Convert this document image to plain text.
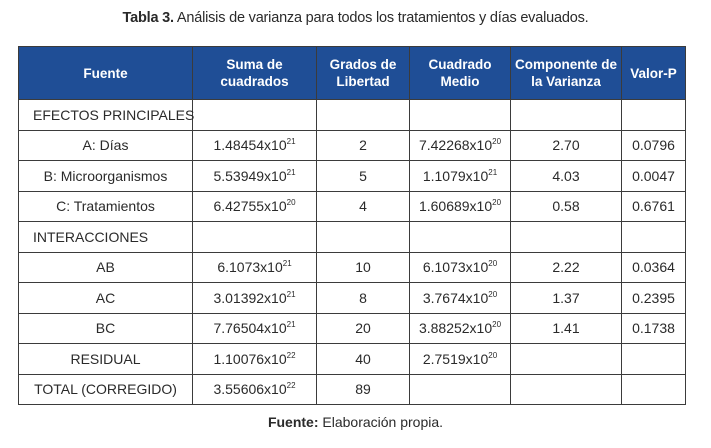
Tabla 3. Análisis de varianza para todos los tratamientos y días evaluados.
Fuente	Suma de cuadrados	Grados de Libertad	Cuadrado Medio	Componente de la Varianza	Valor-P
EFECTOS PRINCIPALES					
A: Días	$1.48454x10^{21}$	2	$7.42268x10^{20}$	2.70	0.0796
B: Microorganismos	$5.53949x10^{21}$	5	$1.1079x10^{21}$	4.03	0.0047
C: Tratamientos	$6.42755x10^{20}$	4	$1.60689x10^{20}$	0.58	0.6761
INTERACCIONES					
AB	$6.1073x10^{21}$	10	$6.1073x10^{20}$	2.22	0.0364
AC	$3.01392x10^{21}$	8	$3.7674x10^{20}$	1.37	0.2395
BC	$7.76504x10^{21}$	20	$3.88252x10^{20}$	1.41	0.1738
RESIDUAL	$1.10076x10^{22}$	40	$2.7519x10^{20}$		
TOTAL (CORREGIDO)	$3.55606x10^{22}$	89			
Fuente: Elaboración propia.
